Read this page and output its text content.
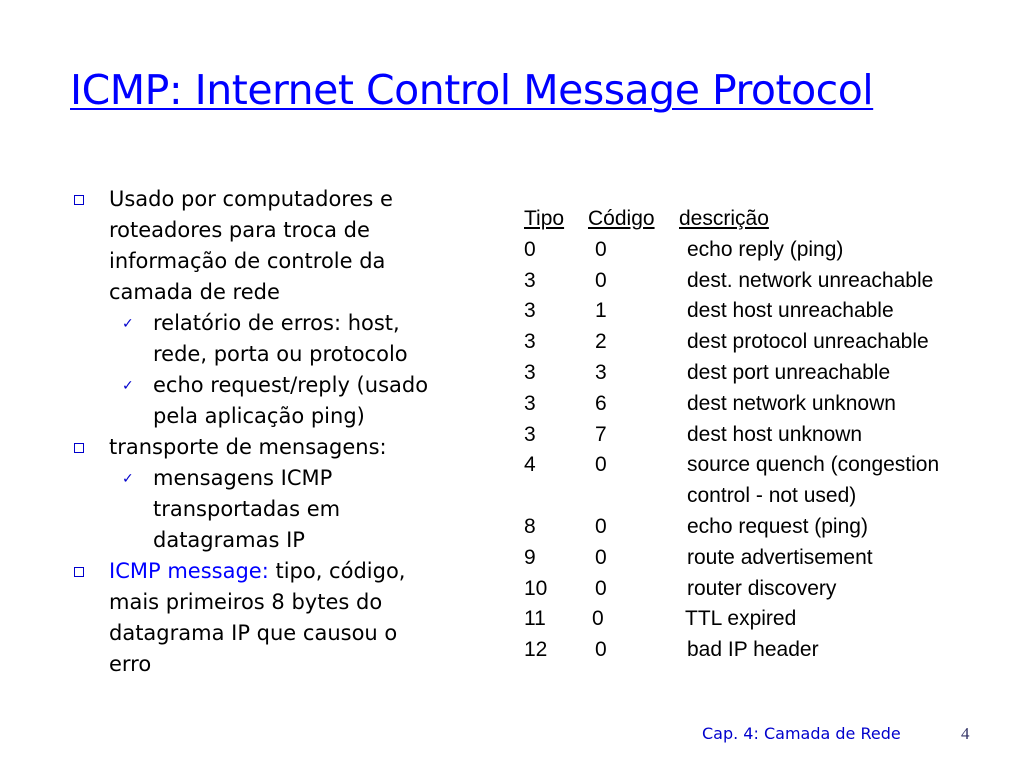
ICMP: Internet Control Message Protocol
Usado por computadores e
roteadores para troca de
informação de controle da
camada de rede
✓ relatório de erros: host,
rede, porta ou protocolo
✓ echo request/reply (usado
pela aplicação ping)
transporte de mensagens:
✓ mensagens ICMP
transportadas em
datagramas IP
ICMP message: tipo, código,
mais primeiros 8 bytes do
datagrama IP que causou o
erro
Tipo Código descrição
0	0	echo reply (ping)
3	0	dest. network unreachable
3	1	dest host unreachable
3	2	dest protocol unreachable
3	3	dest port unreachable
3	6	dest network unknown
3	7	dest host unknown
4	0	source quench (congestion
control - not used)
8	0	echo request (ping)
9	0	route advertisement
10 0	router discovery
11 0	TTL expired
12 0	bad IP header
Cap. 4: Camada de Rede	4
